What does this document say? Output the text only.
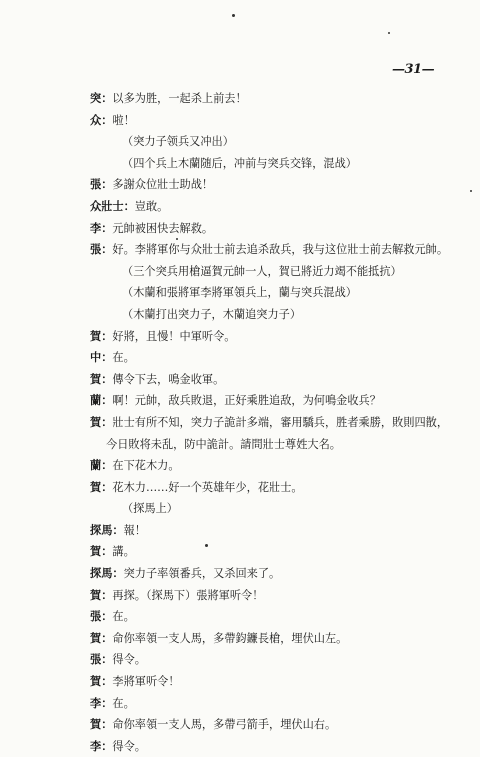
—31—
突：以多为胜，一起杀上前去！
众：啦！
（突力子领兵又冲出）
（四个兵上木蘭随后，冲前与突兵交锋，混战）
張：多謝众位壯士助战！
众壯士：豈敢。
李：元帥被困快去解救。
張：好。李將軍你与众壯士前去追杀敌兵，我与这位壯士前去解救元帥。
（三个突兵用槍逼賀元帥一人，賀已將近力竭不能抵抗）
（木蘭和張將軍李將軍領兵上，蘭与突兵混战）
（木蘭打出突力子，木蘭追突力子）
賀：好將，且慢！中軍听令。
中：在。
賀：傳令下去，鳴金收軍。
蘭：啊！元帥，敌兵敗退，正好乘胜追敌，为何鳴金收兵？
賀：壯士有所不知，突力子詭計多端，審用驕兵，胜者乘勝，敗則四散，
今日敗将未乱，防中詭計。請問壯士尊姓大名。
蘭：在下花木力。
賀：花木力……好一个英雄年少，花壯士。
（探馬上）
探馬：報！
賀：講。
探馬：突力子率領番兵，又杀回来了。
賀：再探。（探馬下）張將軍听令！
張：在。
賀：命你率領一支人馬，多帶鈞鐮長槍，埋伏山左。
張：得令。
賀：李將軍听令！
李：在。
賀：命你率領一支人馬，多帶弓箭手，埋伏山右。
李：得令。
